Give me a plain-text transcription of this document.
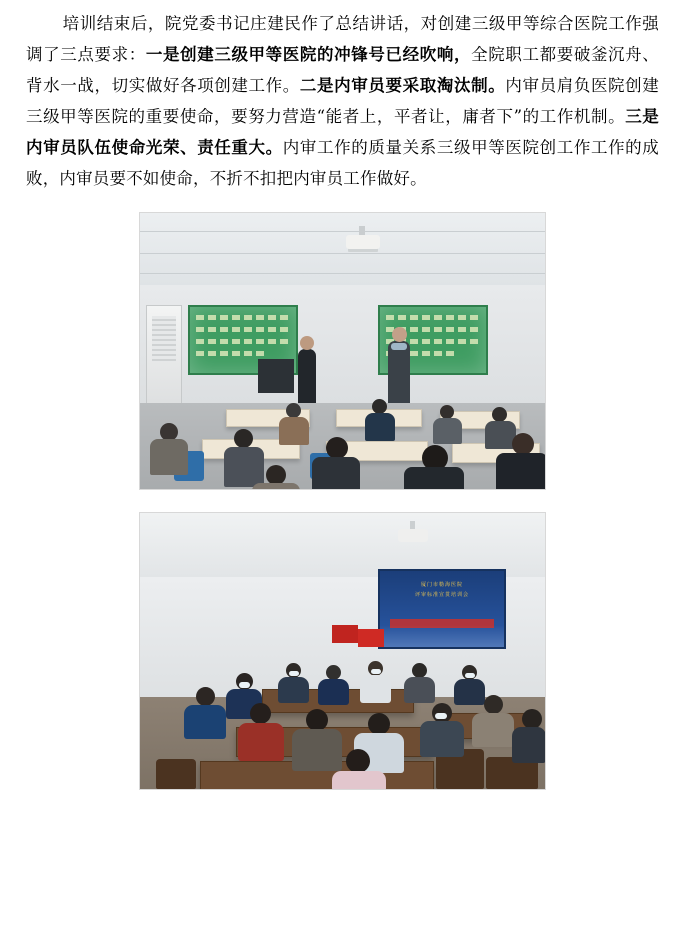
培训结束后，院党委书记庄建民作了总结讲话，对创建三级甲等综合医院工作强调了三点要求：一是创建三级甲等医院的冲锋号已经吹响，全院职工都要破釜沉舟、背水一战，切实做好各项创建工作。二是内审员要采取淘汰制。内审员肩负医院创建三级甲等医院的重要使命，要努力营造“能者上，平者让，庸者下”的工作机制。三是内审员队伍使命光荣、责任重大。内审工作的质量关系三级甲等医院创工作工作的成败，内审员要不如使命，不折不扣把内审员工作做好。

厦门市勒海医院
评审标准宣贯培训会
